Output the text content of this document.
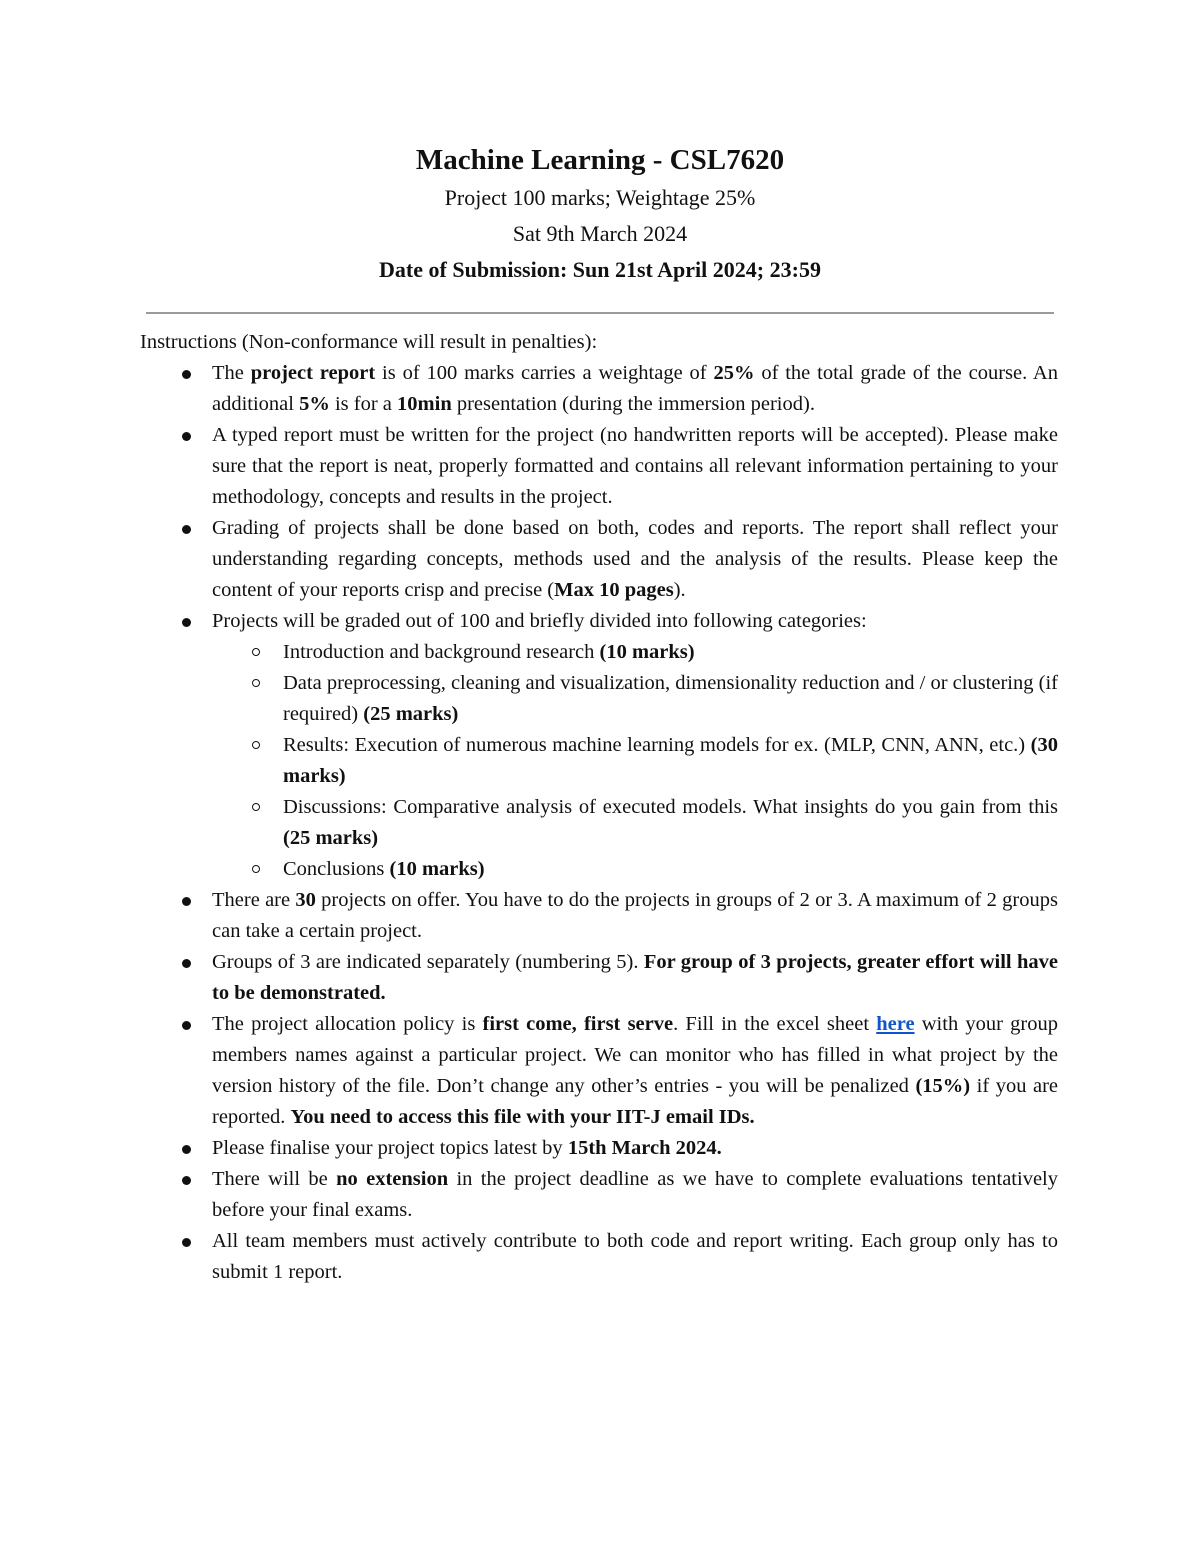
Machine Learning - CSL7620

Project 100 marks; Weightage 25%

Sat 9th March 2024

Date of Submission: Sun 21st April 2024; 23:59

Instructions (Non-conformance will result in penalties):

The project report is of 100 marks carries a weightage of 25% of the total grade of the course. An additional 5% is for a 10min presentation (during the immersion period).
A typed report must be written for the project (no handwritten reports will be accepted). Please make sure that the report is neat, properly formatted and contains all relevant information pertaining to your methodology, concepts and results in the project.
Grading of projects shall be done based on both, codes and reports. The report shall reflect your understanding regarding concepts, methods used and the analysis of the results. Please keep the content of your reports crisp and precise (Max 10 pages).
Projects will be graded out of 100 and briefly divided into following categories:
Introduction and background research (10 marks)
Data preprocessing, cleaning and visualization, dimensionality reduction and / or clustering (if required) (25 marks)
Results: Execution of numerous machine learning models for ex. (MLP, CNN, ANN, etc.) (30 marks)
Discussions: Comparative analysis of executed models. What insights do you gain from this (25 marks)
Conclusions (10 marks)
There are 30 projects on offer. You have to do the projects in groups of 2 or 3. A maximum of 2 groups can take a certain project.
Groups of 3 are indicated separately (numbering 5). For group of 3 projects, greater effort will have to be demonstrated.
The project allocation policy is first come, first serve. Fill in the excel sheet here with your group members names against a particular project. We can monitor who has filled in what project by the version history of the file. Don’t change any other’s entries - you will be penalized (15%) if you are reported. You need to access this file with your IIT-J email IDs.
Please finalise your project topics latest by 15th March 2024.
There will be no extension in the project deadline as we have to complete evaluations tentatively before your final exams.
All team members must actively contribute to both code and report writing. Each group only has to submit 1 report.
